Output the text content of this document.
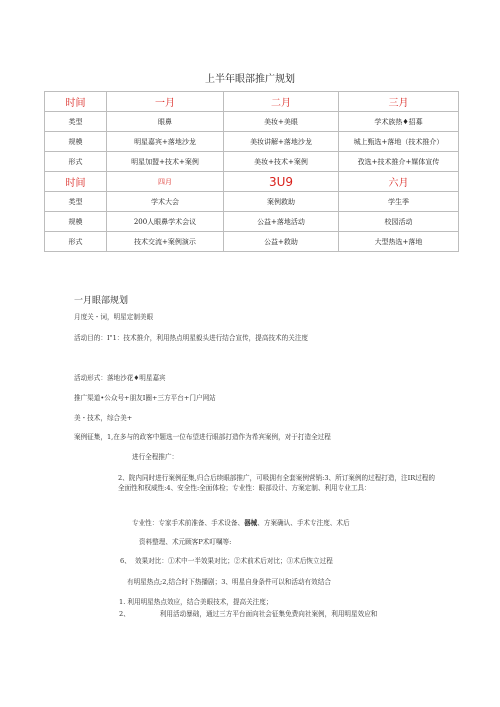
上半年眼部推广规划
时间	一月	二月	三月
类型	眼鼻	美妆+美眼	学术族热♦招募
规模	明星嘉宾+落地沙龙	美妆讲解+落地沙龙	城上甄选+落地（技术推介）
形式	明星加盟+技术+案例	美妆+技术+案例	孜选+技术推介+媒体宣传
时间	四月	3U9	六月
类型	学术大会	案例救助	学生季
规模	200人眼鼻学术会议	公益+落地活动	校园活动
形式	技术交流+案例演示	公益+救助	大型热选+落地
一月眼部规划
月度关・词，明星定制美眼
活动目的：I"1：技术推介，利用热点明星毅头进行结合宣传，提高技术的关注度
活动形式：落地沙花♦明星嘉宾
推广渠道•公众号+朋友I圈+三方平台+门户网站
美・技术，综合美+
案例征集，1,在多与的政客中题选一位布望进行眼部打造作为希宾案例，对于打造全过程
进行全程推广：
2、院内同时进行案例征集,归合后续眼部推广，可吸拥有全套案例营销:3、所订案例的过程打造，注IR过程的全面性和权威性:4、安全性:全面体检；专业性：眼部设计、方案定制、利用专业工具：
专业性：专家手术前准备、手术设备、器械、方案确认、手术专注度、术后
资料整理、术元顾客P术叮嘱等:
6、 效果对比：①术中一半效果对比；②术前术后对比；③术后恢立过程
有明星热点;2,结合时下热播剧；3、明星自身条件可以和活动有效结合
1. 利用明星热点效应，结合美眼技术，提高关注度；
2、	利用活动暴础，通过三方平台面向社会征集免费向社案例，利用明星效应和
